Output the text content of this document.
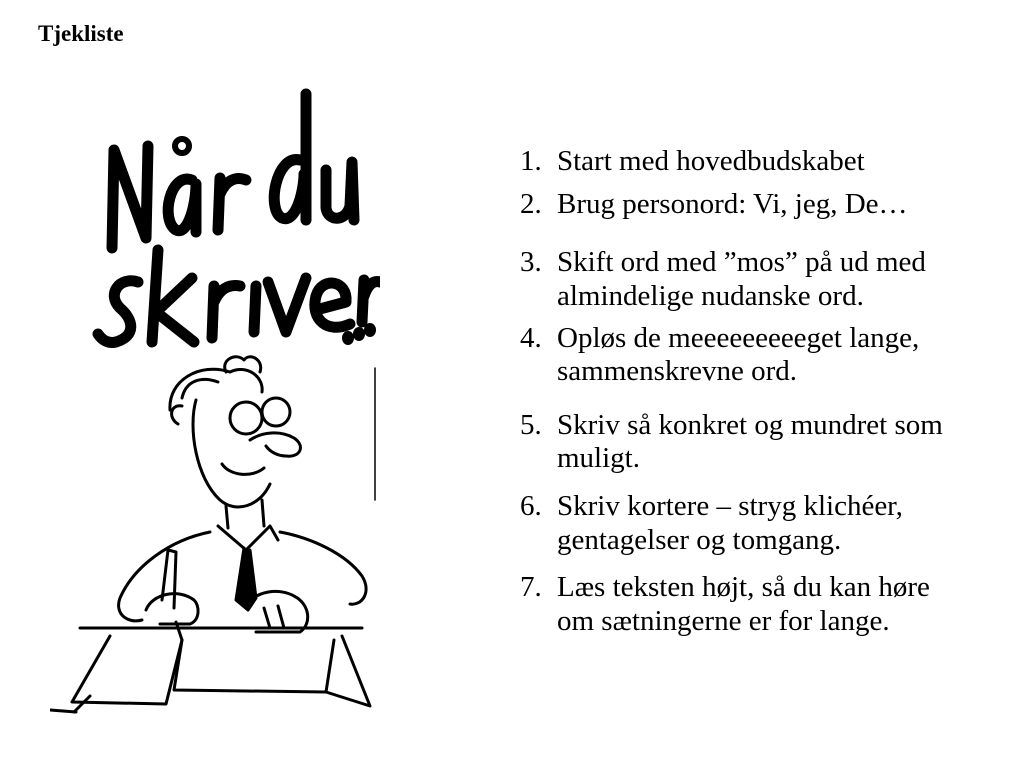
Tjekliste
1. Start med hovedbudskabet
2. Brug personord: Vi, jeg, De…
3. Skift ord med ”mos” på ud med
almindelige nudanske ord.
4. Opløs de meeeeeeeeeget lange,
sammenskrevne ord.
5. Skriv så konkret og mundret som
muligt.
6. Skriv kortere – stryg klichéer,
gentagelser og tomgang.
7. Læs teksten højt, så du kan høre
om sætningerne er for lange.
